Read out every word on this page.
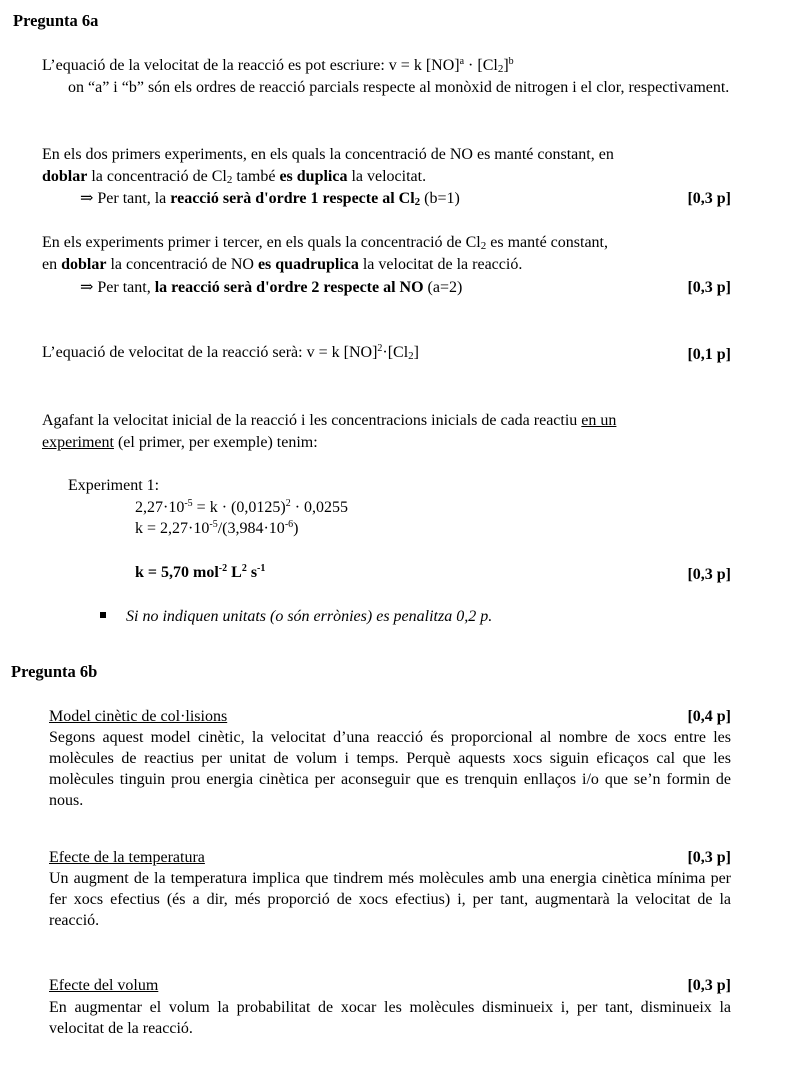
Pregunta 6a
L’equació de la velocitat de la reacció es pot escriure: v = k $[NO]^a \cdot [Cl_2]^b$
on “a” i “b” són els ordres de reacció parcials respecte al monòxid de nitrogen i el clor, respectivament.
En els dos primers experiments, en els quals la concentració de NO es manté constant, en
doblar la concentració de $Cl_2$ també es duplica la velocitat.
⇒ Per tant, la reacció serà d'ordre 1 respecte al $Cl_2$ (b=1)	[0,3 p]
En els experiments primer i tercer, en els quals la concentració de $Cl_2$ es manté constant,
en doblar la concentració de NO es quadruplica la velocitat de la reacció.
⇒ Per tant, la reacció serà d'ordre 2 respecte al NO (a=2)	[0,3 p]
L’equació de velocitat de la reacció serà: v = k $[NO]^2\cdot[Cl_2]$	[0,1 p]
Agafant la velocitat inicial de la reacció i les concentracions inicials de cada reactiu en un
experiment (el primer, per exemple) tenim:
Experiment 1:
$2,27\cdot 10^{-5} = k \cdot (0,0125)^2 \cdot 0,0255$
$k = 2,27\cdot 10^{-5}/(3,984\cdot 10^{-6})$
k = 5,70 mol$^{-2}$ $L^2$ $s^{-1}$	[0,3 p]
Si no indiquen unitats (o són errònies) es penalitza 0,2 p.
Pregunta 6b
Model cinètic de col·lisions	[0,4 p]
Segons aquest model cinètic, la velocitat d’una reacció és proporcional al nombre de xocs entre les molècules de reactius per unitat de volum i temps. Perquè aquests xocs siguin eficaços cal que les molècules tinguin prou energia cinètica per aconseguir que es trenquin enllaços i/o que se’n formin de nous.
Efecte de la temperatura	[0,3 p]
Un augment de la temperatura implica que tindrem més molècules amb una energia cinètica mínima per fer xocs efectius (és a dir, més proporció de xocs efectius) i, per tant, augmentarà la velocitat de la reacció.
Efecte del volum	[0,3 p]
En augmentar el volum la probabilitat de xocar les molècules disminueix i, per tant, disminueix la velocitat de la reacció.
